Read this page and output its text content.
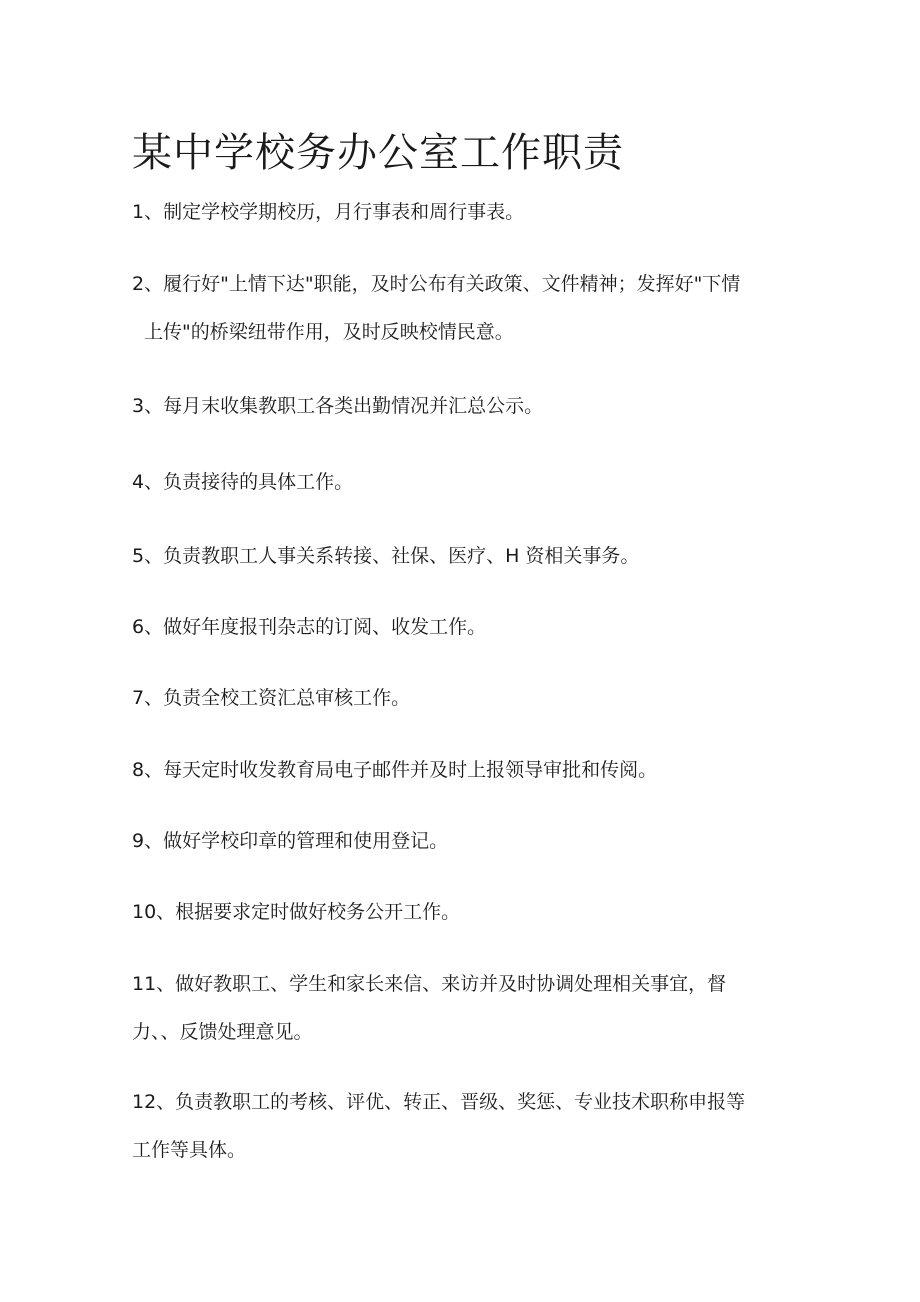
某中学校务办公室工作职责

1、制定学校学期校历，月行事表和周行事表。

2、履行好"上情下达"职能，及时公布有关政策、文件精神；发挥好"下情
上传"的桥梁纽带作用，及时反映校情民意。

3、每月末收集教职工各类出勤情况并汇总公示。

4、负责接待的具体工作。

5、负责教职工人事关系转接、社保、医疗、H 资相关事务。

6、做好年度报刊杂志的订阅、收发工作。

7、负责全校工资汇总审核工作。

8、每天定时收发教育局电子邮件并及时上报领导审批和传阅。

9、做好学校印章的管理和使用登记。

10、根据要求定时做好校务公开工作。

11、做好教职工、学生和家长来信、来访并及时协调处理相关事宜，督
力、、反馈处理意见。

12、负责教职工的考核、评优、转正、晋级、奖惩、专业技术职称申报等
工作等具体。
